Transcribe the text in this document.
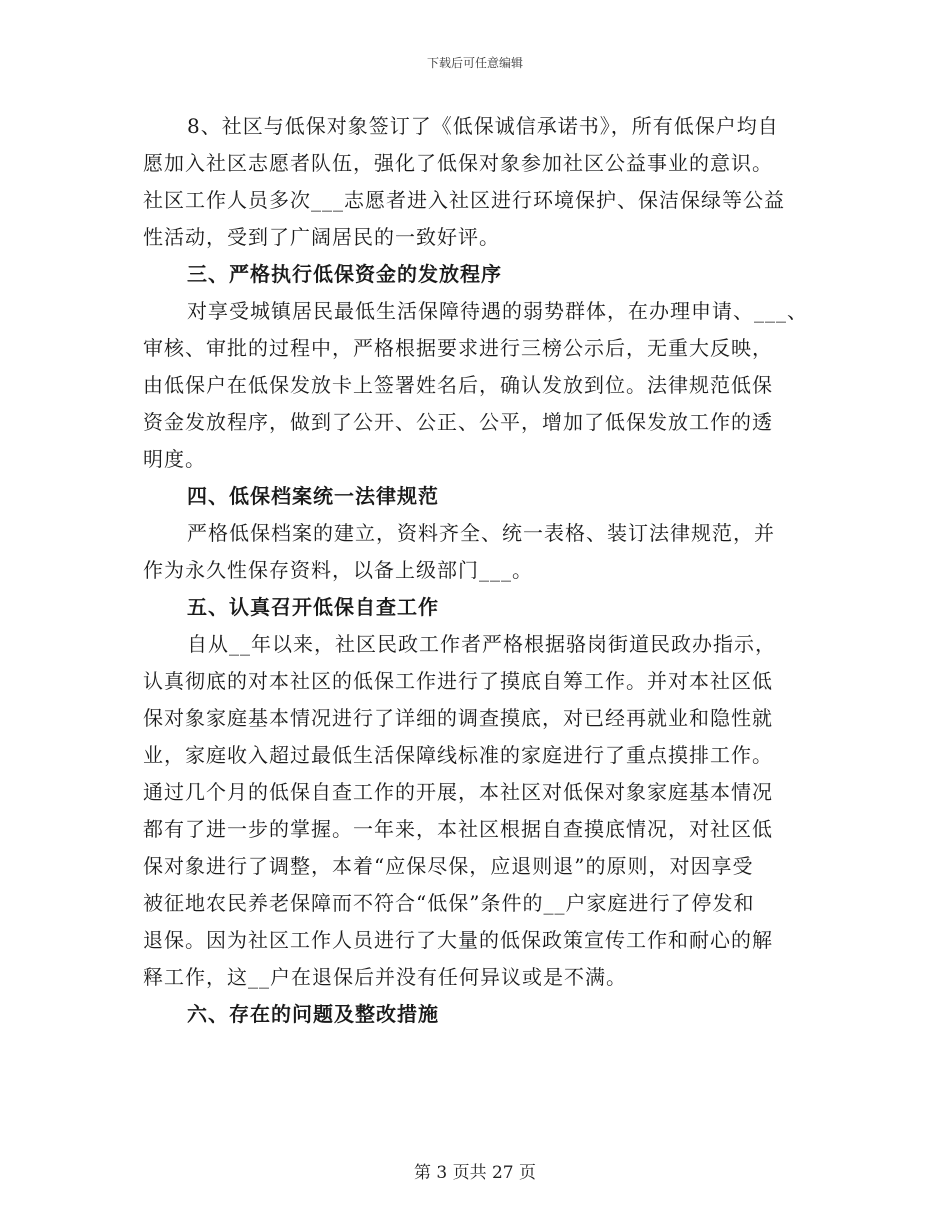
下载后可任意编辑
8、社区与低保对象签订了《低保诚信承诺书》，所有低保户均自
愿加入社区志愿者队伍，强化了低保对象参加社区公益事业的意识。
社区工作人员多次___志愿者进入社区进行环境保护、保洁保绿等公益
性活动，受到了广阔居民的一致好评。
三、严格执行低保资金的发放程序
对享受城镇居民最低生活保障待遇的弱势群体，在办理申请、___、
审核、审批的过程中，严格根据要求进行三榜公示后，无重大反映，
由低保户在低保发放卡上签署姓名后，确认发放到位。法律规范低保
资金发放程序，做到了公开、公正、公平，增加了低保发放工作的透
明度。
四、低保档案统一法律规范
严格低保档案的建立，资料齐全、统一表格、装订法律规范，并
作为永久性保存资料，以备上级部门___。
五、认真召开低保自查工作
自从__年以来，社区民政工作者严格根据骆岗街道民政办指示，
认真彻底的对本社区的低保工作进行了摸底自筹工作。并对本社区低
保对象家庭基本情况进行了详细的调查摸底，对已经再就业和隐性就
业，家庭收入超过最低生活保障线标准的家庭进行了重点摸排工作。
通过几个月的低保自查工作的开展，本社区对低保对象家庭基本情况
都有了进一步的掌握。一年来，本社区根据自查摸底情况，对社区低
保对象进行了调整，本着“应保尽保，应退则退”的原则，对因享受
被征地农民养老保障而不符合“低保”条件的__户家庭进行了停发和
退保。因为社区工作人员进行了大量的低保政策宣传工作和耐心的解
释工作，这__户在退保后并没有任何异议或是不满。
六、存在的问题及整改措施
第 3 页共 27 页
